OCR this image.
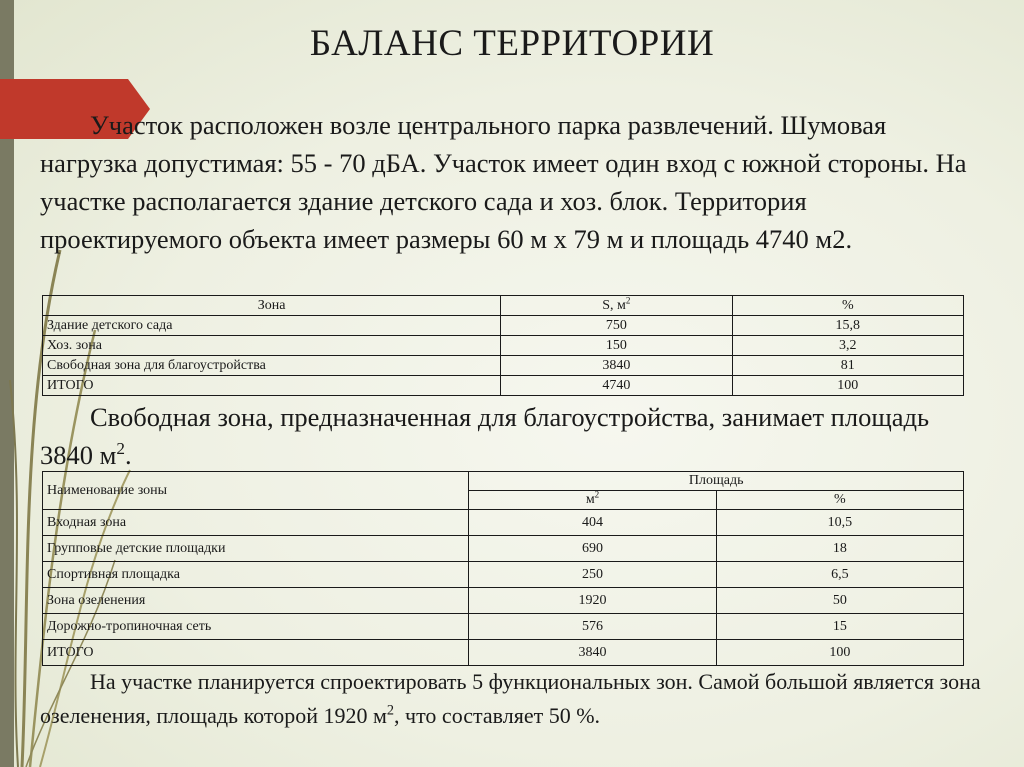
БАЛАНС ТЕРРИТОРИИ
Участок расположен возле центрального парка развлечений. Шумовая нагрузка допустимая: 55 - 70 дБА. Участок имеет один вход с южной стороны. На участке располагается здание детского сада и хоз. блок. Территория проектируемого объекта имеет размеры 60 м х 79 м и площадь 4740 м2.
Зона	S, $м^2$	%
Здание детского сада	750	15,8
Хоз. зона	150	3,2
Свободная зона для благоустройства	3840	81
ИТОГО	4740	100
Свободная зона, предназначенная для благоустройства, занимает площадь 3840 $м^2$.
Наименование зоны	Площадь	
	$м^2$	%
Входная зона	404	10,5
Групповые детские площадки	690	18
Спортивная площадка	250	6,5
Зона озеленения	1920	50
Дорожно-тропиночная сеть	576	15
ИТОГО	3840	100
На участке планируется спроектировать 5 функциональных зон. Самой большой является зона озеленения, площадь которой 1920 $м^2$, что составляет 50 %.
